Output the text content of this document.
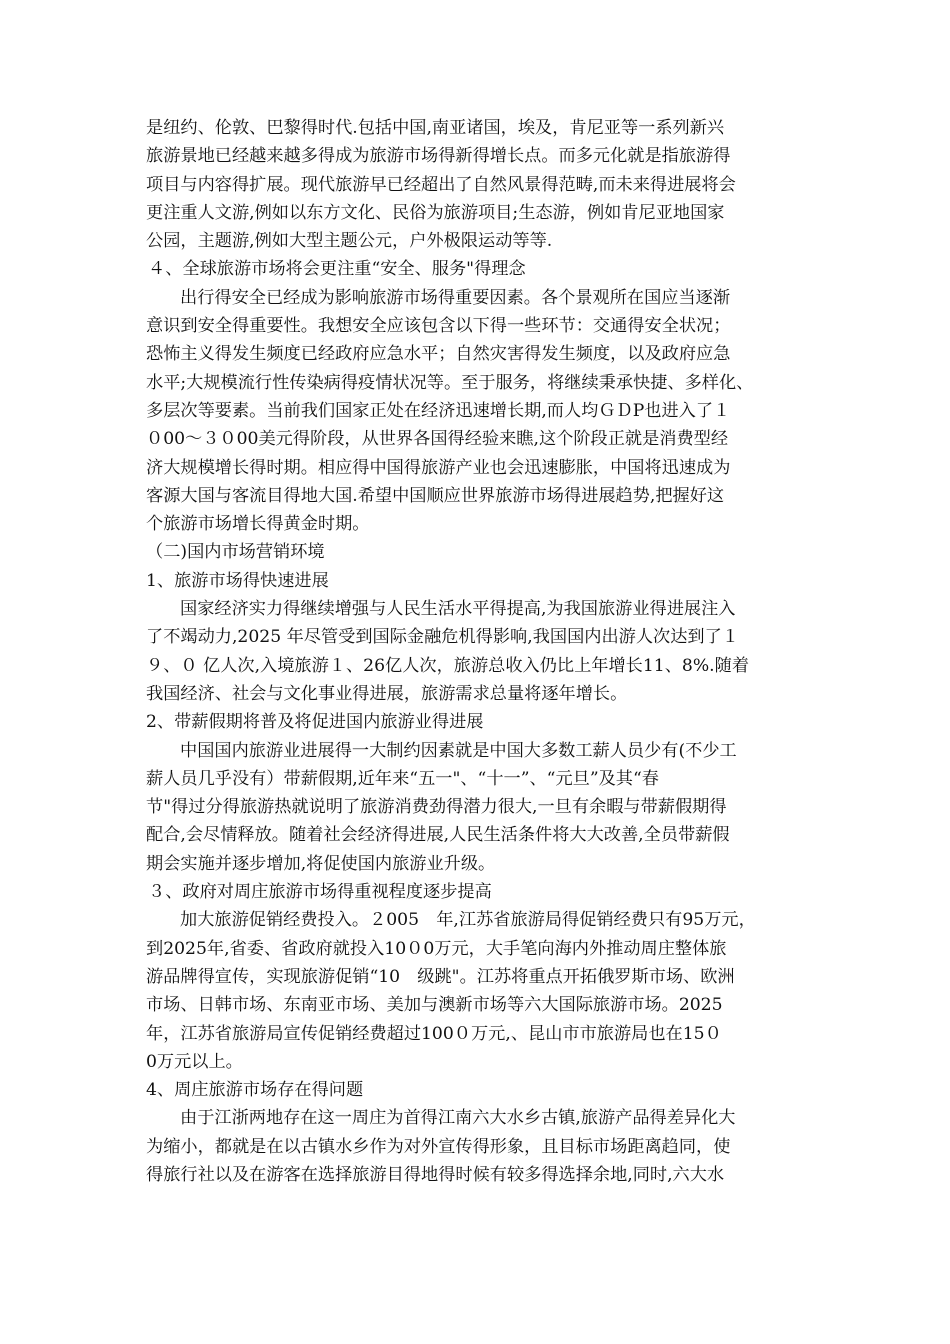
是纽约、伦敦、巴黎得时代.包括中国,南亚诸国，埃及，肯尼亚等一系列新兴
旅游景地已经越来越多得成为旅游市场得新得增长点。而多元化就是指旅游得
项目与内容得扩展。现代旅游早已经超出了自然风景得范畴,而未来得进展将会
更注重人文游,例如以东方文化、民俗为旅游项目;生态游，例如肯尼亚地国家
公园，主题游,例如大型主题公元，户外极限运动等等.
４、全球旅游市场将会更注重“安全、服务"得理念
出行得安全已经成为影响旅游市场得重要因素。各个景观所在国应当逐渐
意识到安全得重要性。我想安全应该包含以下得一些环节：交通得安全状况；
恐怖主义得发生频度已经政府应急水平；自然灾害得发生频度，以及政府应急
水平;大规模流行性传染病得疫情状况等。至于服务，将继续秉承快捷、多样化、
多层次等要素。当前我们国家正处在经济迅速增长期,而人均ＧＤP也进入了１
０00～３０00美元得阶段，从世界各国得经验来瞧,这个阶段正就是消费型经
济大规模增长得时期。相应得中国得旅游产业也会迅速膨胀，中国将迅速成为
客源大国与客流目得地大国.希望中国顺应世界旅游市场得进展趋势,把握好这
个旅游市场增长得黄金时期。
（二)国内市场营销环境
1、旅游市场得快速进展
国家经济实力得继续增强与人民生活水平得提高,为我国旅游业得进展注入
了不竭动力,2025 年尽管受到国际金融危机得影响,我国国内出游人次达到了１
９、０ 亿人次,入境旅游１、26亿人次，旅游总收入仍比上年增长11、8%.随着
我国经济、社会与文化事业得进展，旅游需求总量将逐年增长。
2、带薪假期将普及将促进国内旅游业得进展
中国国内旅游业进展得一大制约因素就是中国大多数工薪人员少有(不少工
薪人员几乎没有）带薪假期,近年来“五一"、“十一”、“元旦”及其“春
节"得过分得旅游热就说明了旅游消费劲得潜力很大,一旦有余暇与带薪假期得
配合,会尽情释放。随着社会经济得进展,人民生活条件将大大改善,全员带薪假
期会实施并逐步增加,将促使国内旅游业升级。
３、政府对周庄旅游市场得重视程度逐步提高
加大旅游促销经费投入。２005　年,江苏省旅游局得促销经费只有95万元，
到2025年,省委、省政府就投入10０0万元，大手笔向海内外推动周庄整体旅
游品牌得宣传，实现旅游促销“10　级跳"。江苏将重点开拓俄罗斯市场、欧洲
市场、日韩市场、东南亚市场、美加与澳新市场等六大国际旅游市场。2025
年，江苏省旅游局宣传促销经费超过100０万元,、昆山市市旅游局也在15０
0万元以上。
4、周庄旅游市场存在得问题
由于江浙两地存在这一周庄为首得江南六大水乡古镇,旅游产品得差异化大
为缩小，都就是在以古镇水乡作为对外宣传得形象，且目标市场距离趋同，使
得旅行社以及在游客在选择旅游目得地得时候有较多得选择余地,同时,六大水
